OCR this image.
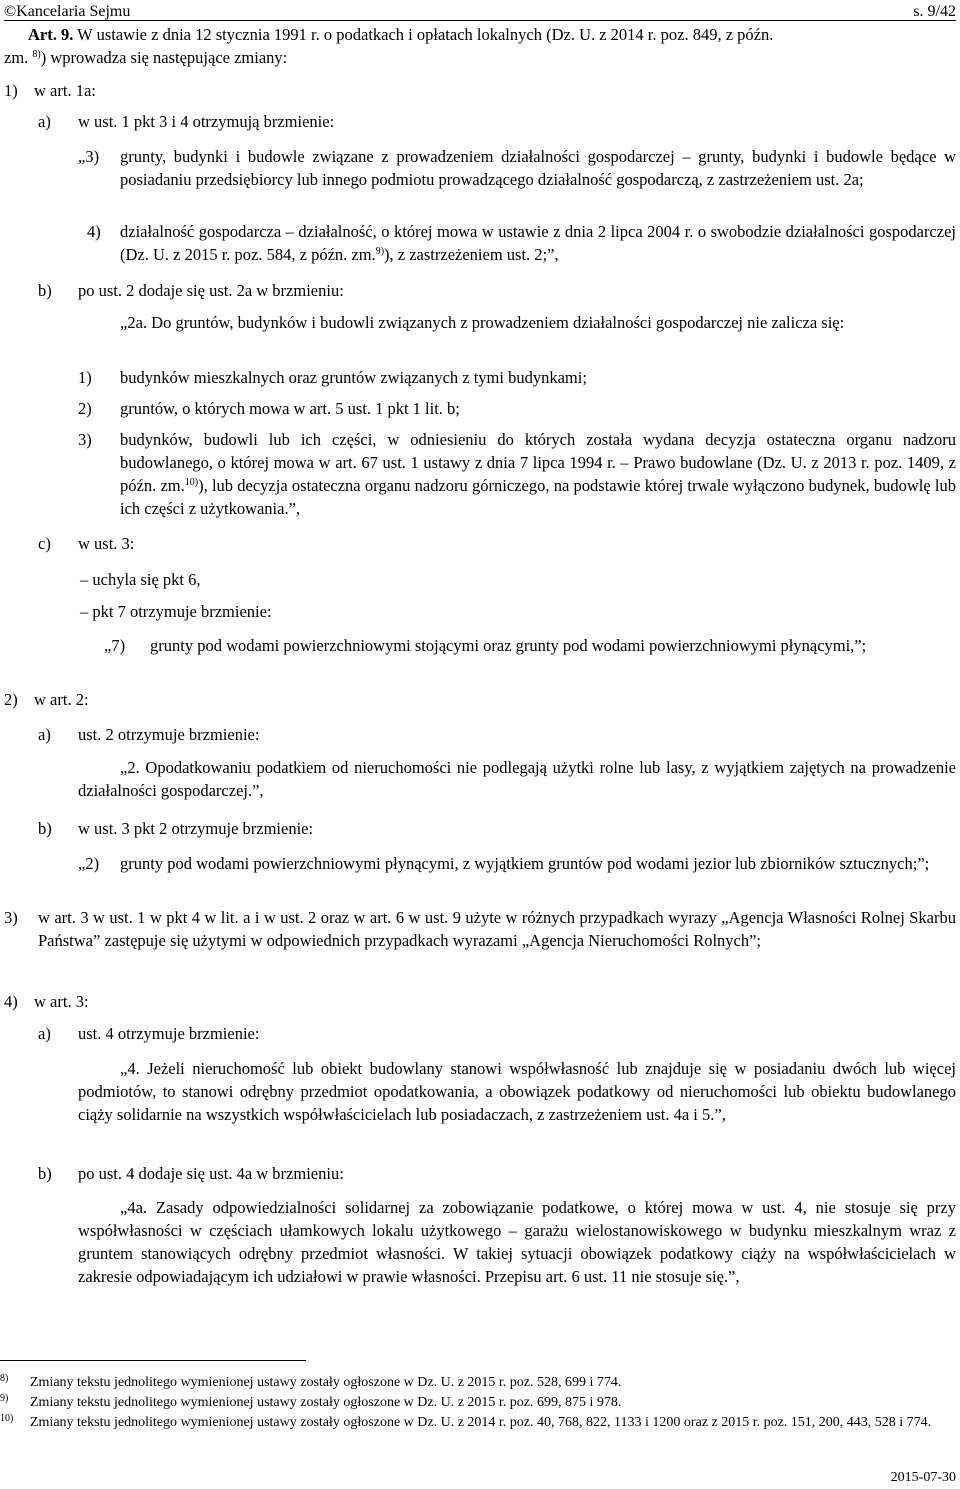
©Kancelaria Sejmu	s. 9/42

Art. 9. W ustawie z dnia 12 stycznia 1991 r. o podatkach i opłatach lokalnych (Dz. U. z 2014 r. poz. 849, z późn.

zm. $^{8)}$) wprowadza się następujące zmiany:

1) w art. 1a:
a) w ust. 1 pkt 3 i 4 otrzymują brzmienie:
„3) grunty, budynki i budowle związane z prowadzeniem działalności gospodarczej – grunty, budynki i budowle będące w posiadaniu przedsiębiorcy lub innego podmiotu prowadzącego działalność gospodarczą, z zastrzeżeniem ust. 2a;

4) działalność gospodarcza – działalność, o której mowa w ustawie z dnia 2 lipca 2004 r. o swobodzie działalności gospodarczej (Dz. U. z 2015 r. poz. 584, z późn. zm.$^{9)}$), z zastrzeżeniem ust. 2;”,

b) po ust. 2 dodaje się ust. 2a w brzmieniu:

„2a. Do gruntów, budynków i budowli związanych z prowadzeniem działalności gospodarczej nie zalicza się:

1) budynków mieszkalnych oraz gruntów związanych z tymi budynkami;
2) gruntów, o których mowa w art. 5 ust. 1 pkt 1 lit. b;
3) budynków, budowli lub ich części, w odniesieniu do których została wydana decyzja ostateczna organu nadzoru budowlanego, o której mowa w art. 67 ust. 1 ustawy z dnia 7 lipca 1994 r. – Prawo budowlane (Dz. U. z 2013 r. poz. 1409, z późn. zm.$^{10)}$), lub decyzja ostateczna organu nadzoru górniczego, na podstawie której trwale wyłączono budynek, budowlę lub ich części z użytkowania.”,

c) w ust. 3:
– uchyla się pkt 6,
– pkt 7 otrzymuje brzmienie:
„7) grunty pod wodami powierzchniowymi stojącymi oraz grunty pod wodami powierzchniowymi płynącymi,”;

2) w art. 2:
a) ust. 2 otrzymuje brzmienie:

„2. Opodatkowaniu podatkiem od nieruchomości nie podlegają użytki rolne lub lasy, z wyjątkiem zajętych na prowadzenie działalności gospodarczej.”,

b) w ust. 3 pkt 2 otrzymuje brzmienie:
„2) grunty pod wodami powierzchniowymi płynącymi, z wyjątkiem gruntów pod wodami jezior lub zbiorników sztucznych;”;

3) w art. 3 w ust. 1 w pkt 4 w lit. a i w ust. 2 oraz w art. 6 w ust. 9 użyte w różnych przypadkach wyrazy „Agencja Własności Rolnej Skarbu Państwa” zastępuje się użytymi w odpowiednich przypadkach wyrazami „Agencja Nieruchomości Rolnych”;

4) w art. 3:
a) ust. 4 otrzymuje brzmienie:

„4. Jeżeli nieruchomość lub obiekt budowlany stanowi współwłasność lub znajduje się w posiadaniu dwóch lub więcej podmiotów, to stanowi odrębny przedmiot opodatkowania, a obowiązek podatkowy od nieruchomości lub obiektu budowlanego ciąży solidarnie na wszystkich współwłaścicielach lub posiadaczach, z zastrzeżeniem ust. 4a i 5.”,

b) po ust. 4 dodaje się ust. 4a w brzmieniu:

„4a. Zasady odpowiedzialności solidarnej za zobowiązanie podatkowe, o której mowa w ust. 4, nie stosuje się przy współwłasności w częściach ułamkowych lokalu użytkowego – garażu wielostanowiskowego w budynku mieszkalnym wraz z gruntem stanowiących odrębny przedmiot własności. W takiej sytuacji obowiązek podatkowy ciąży na współwłaścicielach w zakresie odpowiadającym ich udziałowi w prawie własności. Przepisu art. 6 ust. 11 nie stosuje się.”,

8) Zmiany tekstu jednolitego wymienionej ustawy zostały ogłoszone w Dz. U. z 2015 r. poz. 528, 699 i 774.
9) Zmiany tekstu jednolitego wymienionej ustawy zostały ogłoszone w Dz. U. z 2015 r. poz. 699, 875 i 978.
10) Zmiany tekstu jednolitego wymienionej ustawy zostały ogłoszone w Dz. U. z 2014 r. poz. 40, 768, 822, 1133 i 1200 oraz z 2015 r. poz. 151, 200, 443, 528 i 774.
2015-07-30
